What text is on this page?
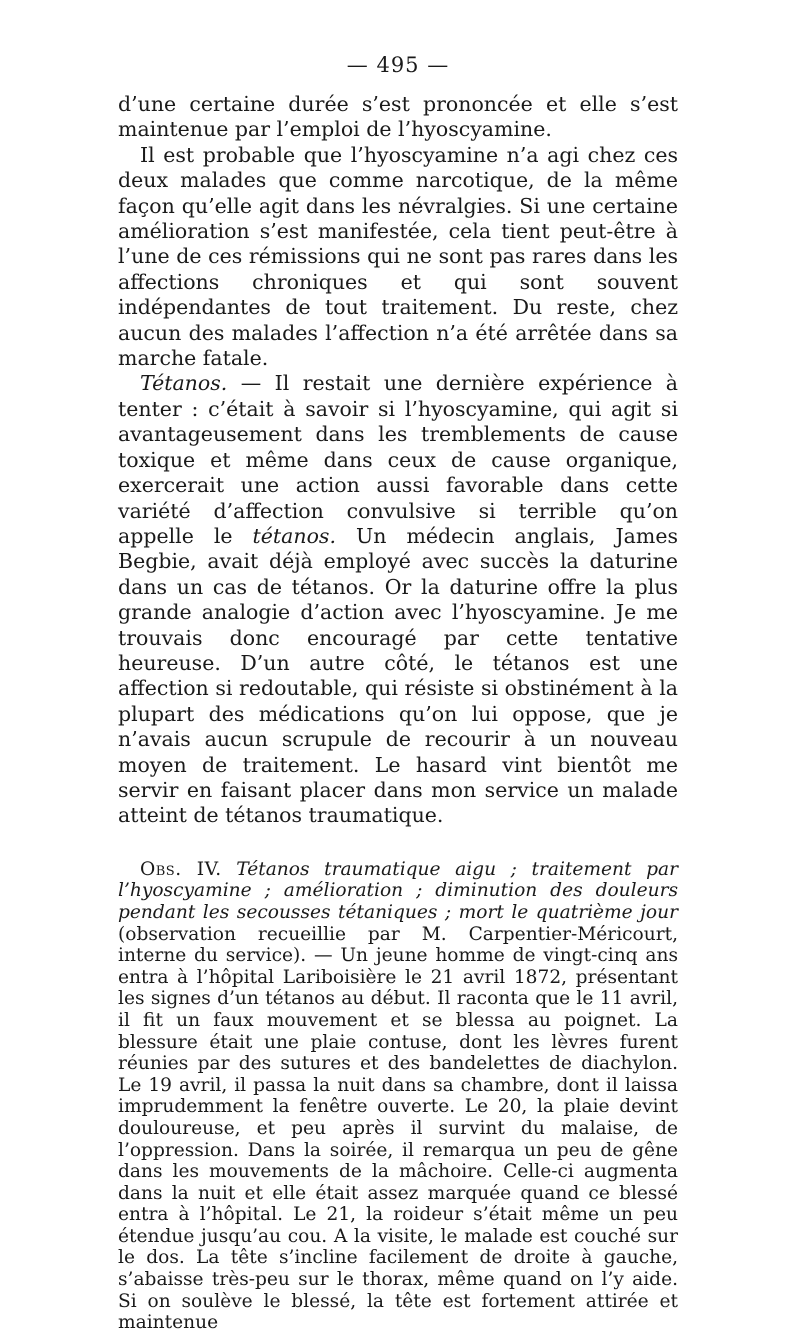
— 495 —

d’une certaine durée s’est prononcée et elle s’est maintenue par l’emploi de l’hyoscyamine.

Il est probable que l’hyoscyamine n’a agi chez ces deux malades que comme narcotique, de la même façon qu’elle agit dans les névralgies. Si une certaine amélioration s’est manifestée, cela tient peut-être à l’une de ces rémissions qui ne sont pas rares dans les affections chroniques et qui sont souvent indépendantes de tout traitement. Du reste, chez aucun des malades l’affection n’a été arrêtée dans sa marche fatale.

Tétanos. — Il restait une dernière expérience à tenter : c’était à savoir si l’hyoscyamine, qui agit si avantageusement dans les tremblements de cause toxique et même dans ceux de cause organique, exercerait une action aussi favorable dans cette variété d’affection convulsive si terrible qu’on appelle le tétanos. Un médecin anglais, James Begbie, avait déjà employé avec succès la daturine dans un cas de tétanos. Or la daturine offre la plus grande analogie d’action avec l’hyoscyamine. Je me trouvais donc encouragé par cette tentative heureuse. D’un autre côté, le tétanos est une affection si redoutable, qui résiste si obstinément à la plupart des médications qu’on lui oppose, que je n’avais aucun scrupule de recourir à un nouveau moyen de traitement. Le hasard vint bientôt me servir en faisant placer dans mon service un malade atteint de tétanos traumatique.

Obs. IV. Tétanos traumatique aigu ; traitement par l’hyoscyamine ; amélioration ; diminution des douleurs pendant les secousses tétaniques ; mort le quatrième jour (observation recueillie par M. Carpentier-Méricourt, interne du service). — Un jeune homme de vingt-cinq ans entra à l’hôpital Lariboisière le 21 avril 1872, présentant les signes d’un tétanos au début. Il raconta que le 11 avril, il fit un faux mouvement et se blessa au poignet. La blessure était une plaie contuse, dont les lèvres furent réunies par des sutures et des bandelettes de diachylon. Le 19 avril, il passa la nuit dans sa chambre, dont il laissa imprudemment la fenêtre ouverte. Le 20, la plaie devint douloureuse, et peu après il survint du malaise, de l’oppression. Dans la soirée, il remarqua un peu de gêne dans les mouvements de la mâchoire. Celle-ci augmenta dans la nuit et elle était assez marquée quand ce blessé entra à l’hôpital. Le 21, la roideur s’était même un peu étendue jusqu’au cou. A la visite, le malade est couché sur le dos. La tête s’incline facilement de droite à gauche, s’abaisse très-peu sur le thorax, même quand on l’y aide. Si on soulève le blessé, la tête est fortement attirée et maintenue
